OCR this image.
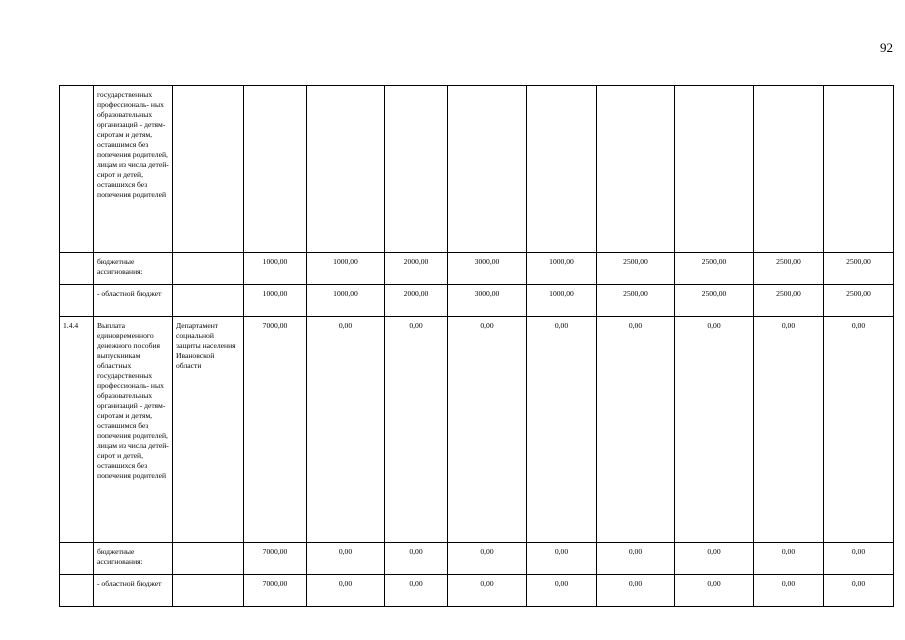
92
	государственных профессиональ- ных образовательных организаций - детям-сиротам и детям, оставшимся без попечения родителей, лицам из числа детей- сирот и детей, оставшихся без попечения родителей										
	бюджетные ассигнования:		1000,00	1000,00	2000,00	3000,00	1000,00	2500,00	2500,00	2500,00	2500,00
	- областной бюджет		1000,00	1000,00	2000,00	3000,00	1000,00	2500,00	2500,00	2500,00	2500,00
1.4.4	Выплата единовременного денежного пособия выпускникам областных государственных профессиональ- ных образовательных организаций - детям-сиротам и детям, оставшимся без попечения родителей, лицам из числа детей- сирот и детей, оставшихся без попечения родителей	Департамент социальной защиты населения Ивановской области	7000,00	0,00	0,00	0,00	0,00	0,00	0,00	0,00	0,00
	бюджетные ассигнования:		7000,00	0,00	0,00	0,00	0,00	0,00	0,00	0,00	0,00
	- областной бюджет		7000,00	0,00	0,00	0,00	0,00	0,00	0,00	0,00	0,00
